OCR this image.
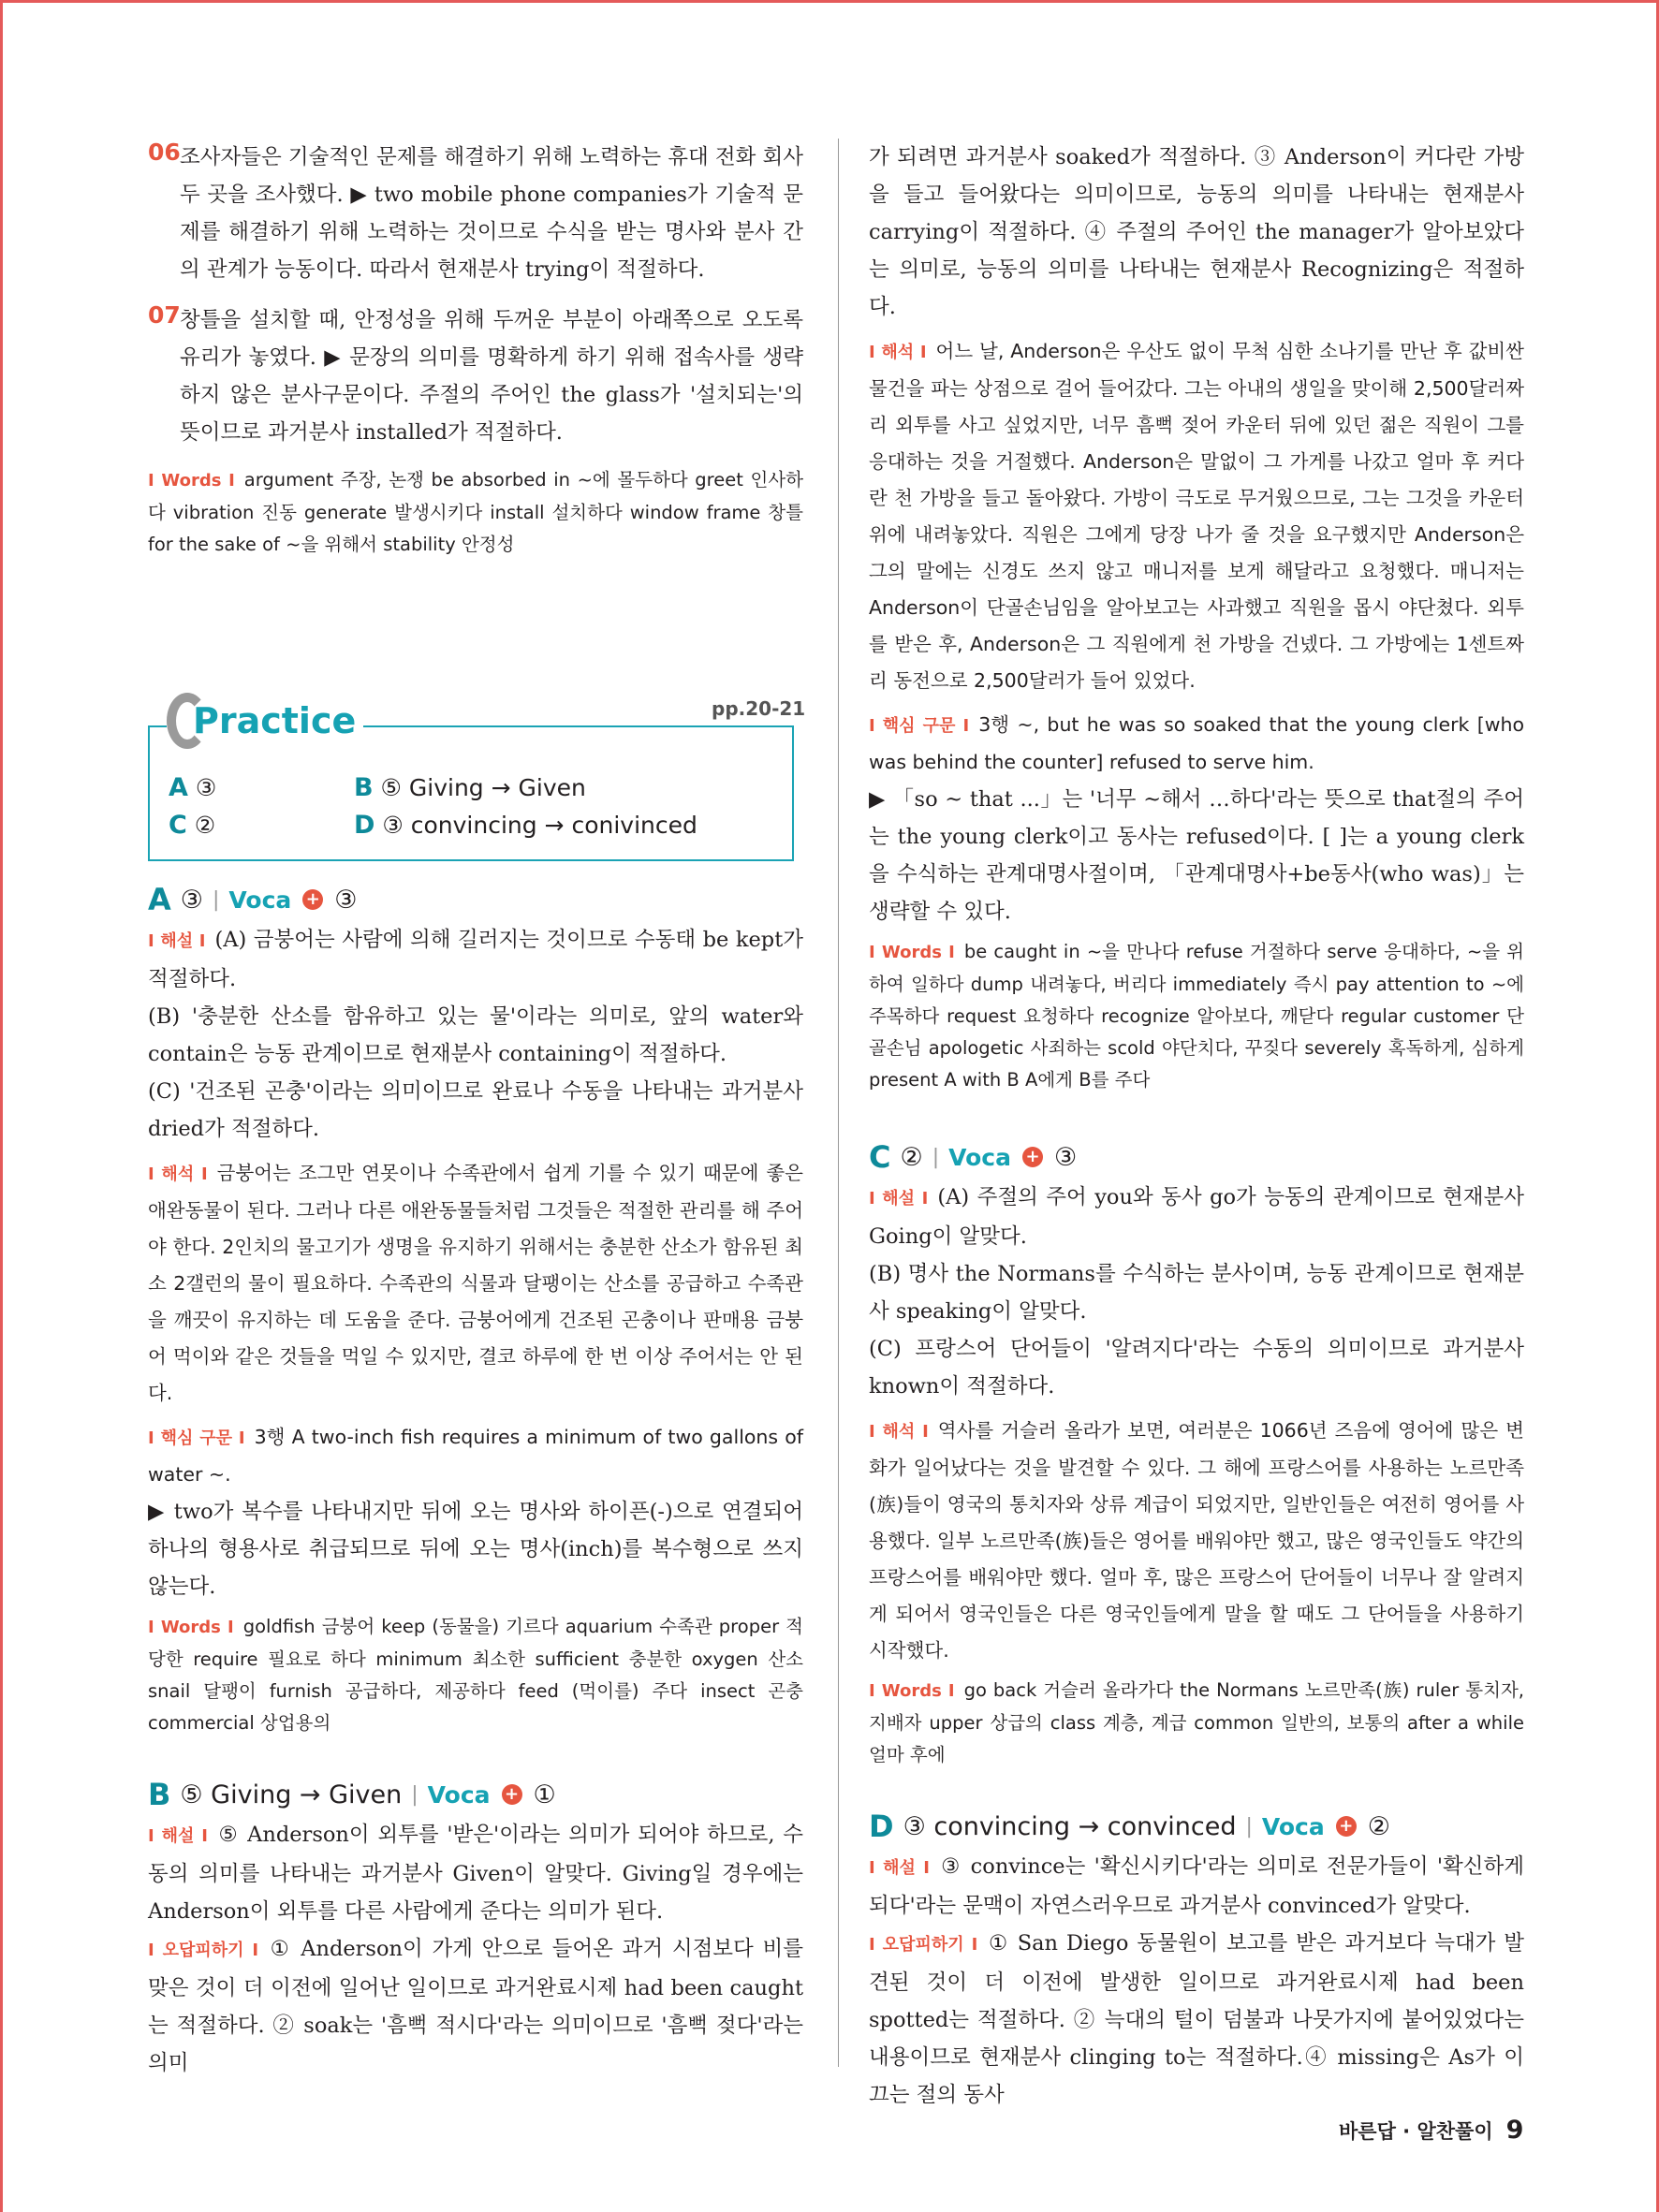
06 조사자들은 기술적인 문제를 해결하기 위해 노력하는 휴대 전화 회사 두 곳을 조사했다. ▶ two mobile phone companies가 기술적 문제를 해결하기 위해 노력하는 것이므로 수식을 받는 명사와 분사 간의 관계가 능동이다. 따라서 현재분사 trying이 적절하다.

07 창틀을 설치할 때, 안정성을 위해 두꺼운 부분이 아래쪽으로 오도록 유리가 놓였다. ▶ 문장의 의미를 명확하게 하기 위해 접속사를 생략하지 않은 분사구문이다. 주절의 주어인 the glass가 '설치되는'의 뜻이므로 과거분사 installed가 적절하다.

I Words I argument 주장, 논쟁 be absorbed in ~에 몰두하다 greet 인사하다 vibration 진동 generate 발생시키다 install 설치하다 window frame 창틀 for the sake of ~을 위해서 stability 안정성

Practice	pp.20-21
A ③	B ⑤ Giving → Given
C ②	D ③ convincing → conivinced
A ③ | Voca + ③

I 해설 I (A) 금붕어는 사람에 의해 길러지는 것이므로 수동태 be kept가 적절하다.

(B) '충분한 산소를 함유하고 있는 물'이라는 의미로, 앞의 water와 contain은 능동 관계이므로 현재분사 containing이 적절하다.

(C) '건조된 곤충'이라는 의미이므로 완료나 수동을 나타내는 과거분사 dried가 적절하다.

I 해석 I 금붕어는 조그만 연못이나 수족관에서 쉽게 기를 수 있기 때문에 좋은 애완동물이 된다. 그러나 다른 애완동물들처럼 그것들은 적절한 관리를 해 주어야 한다. 2인치의 물고기가 생명을 유지하기 위해서는 충분한 산소가 함유된 최소 2갤런의 물이 필요하다. 수족관의 식물과 달팽이는 산소를 공급하고 수족관을 깨끗이 유지하는 데 도움을 준다. 금붕어에게 건조된 곤충이나 판매용 금붕어 먹이와 같은 것들을 먹일 수 있지만, 결코 하루에 한 번 이상 주어서는 안 된다.

I 핵심 구문 I 3행 A two-inch fish requires a minimum of two gallons of water ~.

▶ two가 복수를 나타내지만 뒤에 오는 명사와 하이픈(-)으로 연결되어 하나의 형용사로 취급되므로 뒤에 오는 명사(inch)를 복수형으로 쓰지 않는다.

I Words I goldfish 금붕어 keep (동물을) 기르다 aquarium 수족관 proper 적당한 require 필요로 하다 minimum 최소한 sufficient 충분한 oxygen 산소 snail 달팽이 furnish 공급하다, 제공하다 feed (먹이를) 주다 insect 곤충 commercial 상업용의

B ⑤ Giving → Given | Voca + ①

I 해설 I ⑤ Anderson이 외투를 '받은'이라는 의미가 되어야 하므로, 수동의 의미를 나타내는 과거분사 Given이 알맞다. Giving일 경우에는 Anderson이 외투를 다른 사람에게 준다는 의미가 된다.

I 오답피하기 I ① Anderson이 가게 안으로 들어온 과거 시점보다 비를 맞은 것이 더 이전에 일어난 일이므로 과거완료시제 had been caught는 적절하다. ② soak는 '흠뻑 적시다'라는 의미이므로 '흠뻑 젖다'라는 의미

가 되려면 과거분사 soaked가 적절하다. ③ Anderson이 커다란 가방을 들고 들어왔다는 의미이므로, 능동의 의미를 나타내는 현재분사 carrying이 적절하다. ④ 주절의 주어인 the manager가 알아보았다는 의미로, 능동의 의미를 나타내는 현재분사 Recognizing은 적절하다.

I 해석 I 어느 날, Anderson은 우산도 없이 무척 심한 소나기를 만난 후 값비싼 물건을 파는 상점으로 걸어 들어갔다. 그는 아내의 생일을 맞이해 2,500달러짜리 외투를 사고 싶었지만, 너무 흠뻑 젖어 카운터 뒤에 있던 젊은 직원이 그를 응대하는 것을 거절했다. Anderson은 말없이 그 가게를 나갔고 얼마 후 커다란 천 가방을 들고 돌아왔다. 가방이 극도로 무거웠으므로, 그는 그것을 카운터 위에 내려놓았다. 직원은 그에게 당장 나가 줄 것을 요구했지만 Anderson은 그의 말에는 신경도 쓰지 않고 매니저를 보게 해달라고 요청했다. 매니저는 Anderson이 단골손님임을 알아보고는 사과했고 직원을 몹시 야단쳤다. 외투를 받은 후, Anderson은 그 직원에게 천 가방을 건넸다. 그 가방에는 1센트짜리 동전으로 2,500달러가 들어 있었다.

I 핵심 구문 I 3행 ~, but he was so soaked that the young clerk [who was behind the counter] refused to serve him.

▶ 「so ~ that ...」는 '너무 ~해서 …하다'라는 뜻으로 that절의 주어는 the young clerk이고 동사는 refused이다. [ ]는 a young clerk을 수식하는 관계대명사절이며, 「관계대명사+be동사(who was)」는 생략할 수 있다.

I Words I be caught in ~을 만나다 refuse 거절하다 serve 응대하다, ~을 위하여 일하다 dump 내려놓다, 버리다 immediately 즉시 pay attention to ~에 주목하다 request 요청하다 recognize 알아보다, 깨닫다 regular customer 단골손님 apologetic 사죄하는 scold 야단치다, 꾸짖다 severely 혹독하게, 심하게 present A with B A에게 B를 주다

C ② | Voca + ③

I 해설 I (A) 주절의 주어 you와 동사 go가 능동의 관계이므로 현재분사 Going이 알맞다.

(B) 명사 the Normans를 수식하는 분사이며, 능동 관계이므로 현재분사 speaking이 알맞다.

(C) 프랑스어 단어들이 '알려지다'라는 수동의 의미이므로 과거분사 known이 적절하다.

I 해석 I 역사를 거슬러 올라가 보면, 여러분은 1066년 즈음에 영어에 많은 변화가 일어났다는 것을 발견할 수 있다. 그 해에 프랑스어를 사용하는 노르만족(族)들이 영국의 통치자와 상류 계급이 되었지만, 일반인들은 여전히 영어를 사용했다. 일부 노르만족(族)들은 영어를 배워야만 했고, 많은 영국인들도 약간의 프랑스어를 배워야만 했다. 얼마 후, 많은 프랑스어 단어들이 너무나 잘 알려지게 되어서 영국인들은 다른 영국인들에게 말을 할 때도 그 단어들을 사용하기 시작했다.

I Words I go back 거슬러 올라가다 the Normans 노르만족(族) ruler 통치자, 지배자 upper 상급의 class 계층, 계급 common 일반의, 보통의 after a while 얼마 후에

D ③ convincing → convinced | Voca + ②

I 해설 I ③ convince는 '확신시키다'라는 의미로 전문가들이 '확신하게 되다'라는 문맥이 자연스러우므로 과거분사 convinced가 알맞다.

I 오답피하기 I ① San Diego 동물원이 보고를 받은 과거보다 늑대가 발견된 것이 더 이전에 발생한 일이므로 과거완료시제 had been spotted는 적절하다. ② 늑대의 털이 덤불과 나뭇가지에 붙어있었다는 내용이므로 현재분사 clinging to는 적절하다.④ missing은 As가 이끄는 절의 동사

바른답 · 알찬풀이 9
